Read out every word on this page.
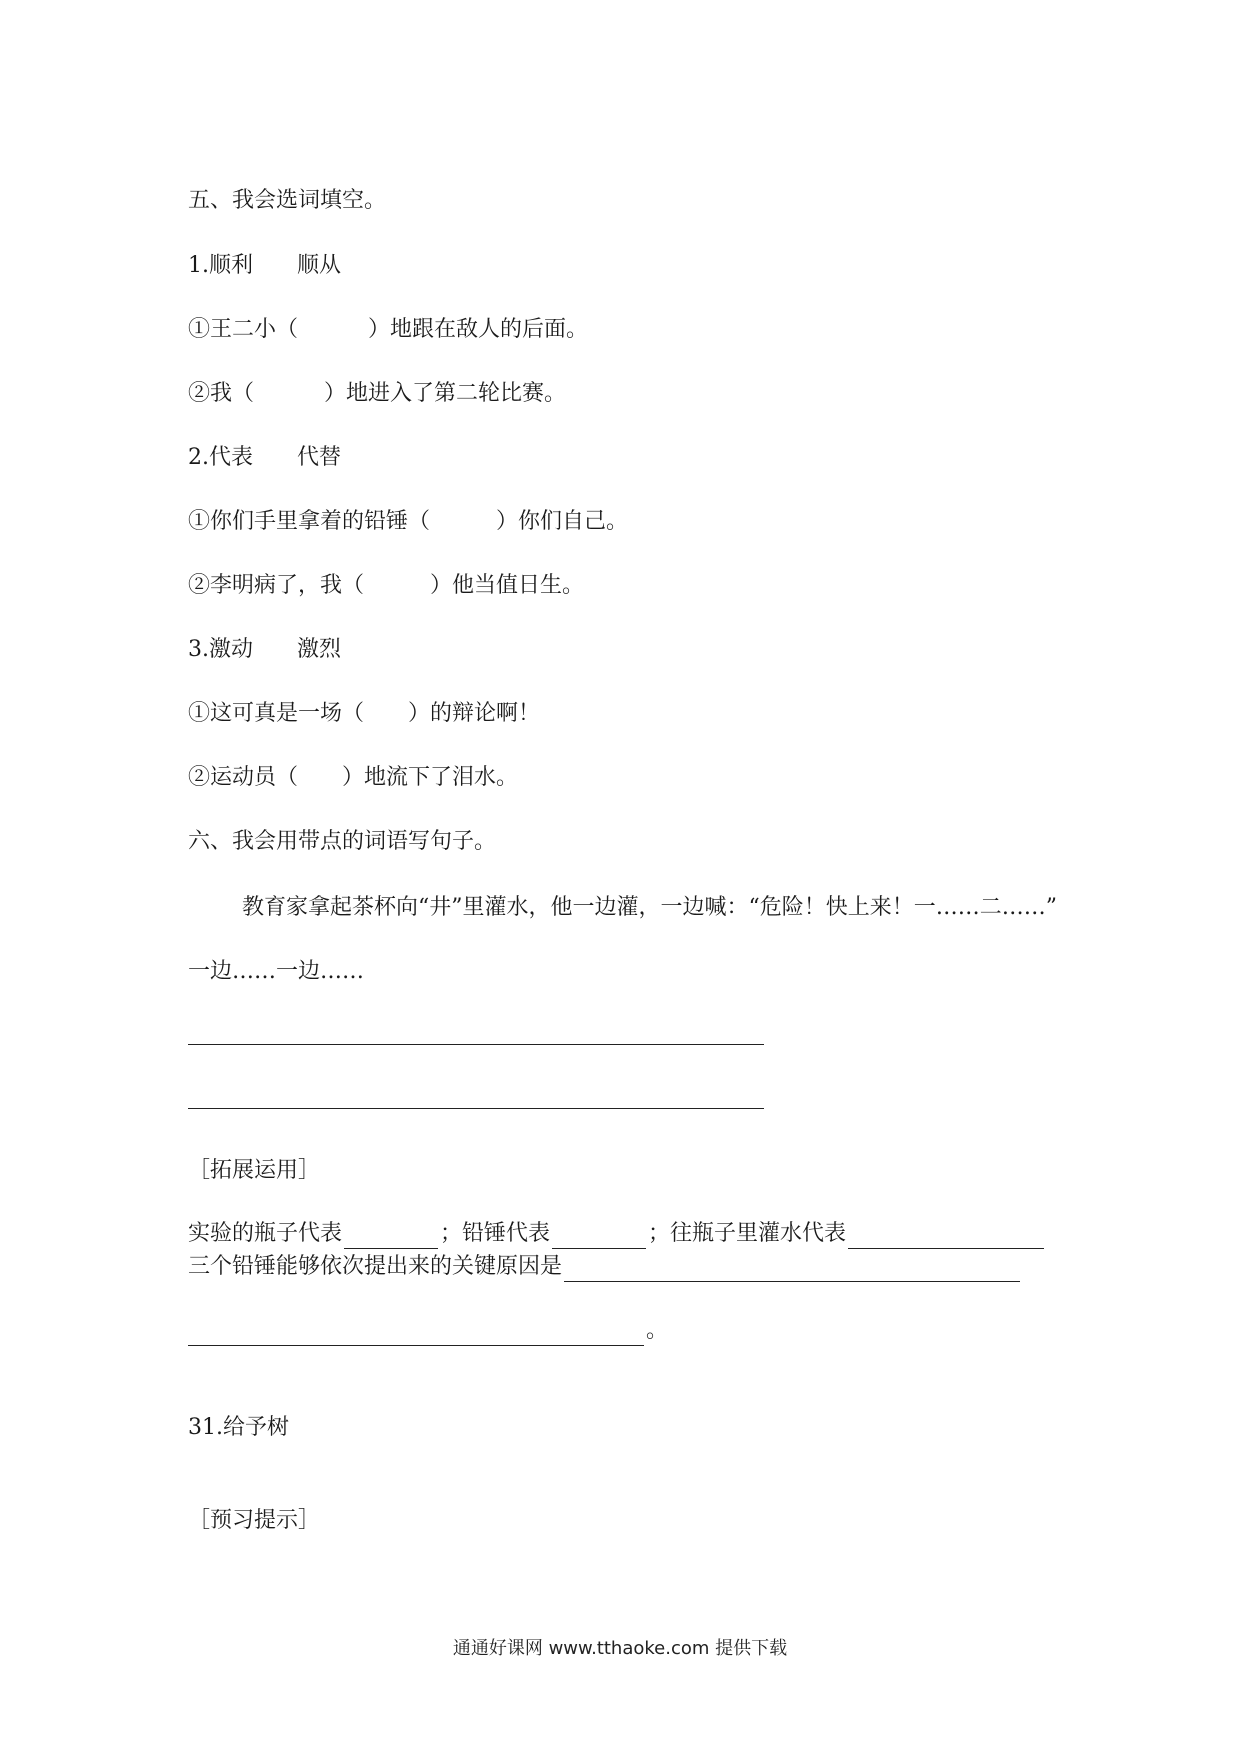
五、我会选词填空。
1.顺利 顺从
①王二小（	）地跟在敌人的后面。
②我（	）地进入了第二轮比赛。
2.代表 代替
①你们手里拿着的铅锤（	）你们自己。
②李明病了，我（	）他当值日生。
3.激动 激烈
①这可真是一场（ ）的辩论啊！
②运动员（ ）地流下了泪水。
六、我会用带点的词语写句子。
教育家拿起茶杯向“井”里灌水，他一边灌，一边喊：“危险！快上来！一……二……”
一边……一边……
［拓展运用］
实验的瓶子代表	；铅锤代表	；往瓶子里灌水代表
三个铅锤能够依次提出来的关键原因是
。
31.给予树
［预习提示］
通通好课网 www.tthaoke.com 提供下载
